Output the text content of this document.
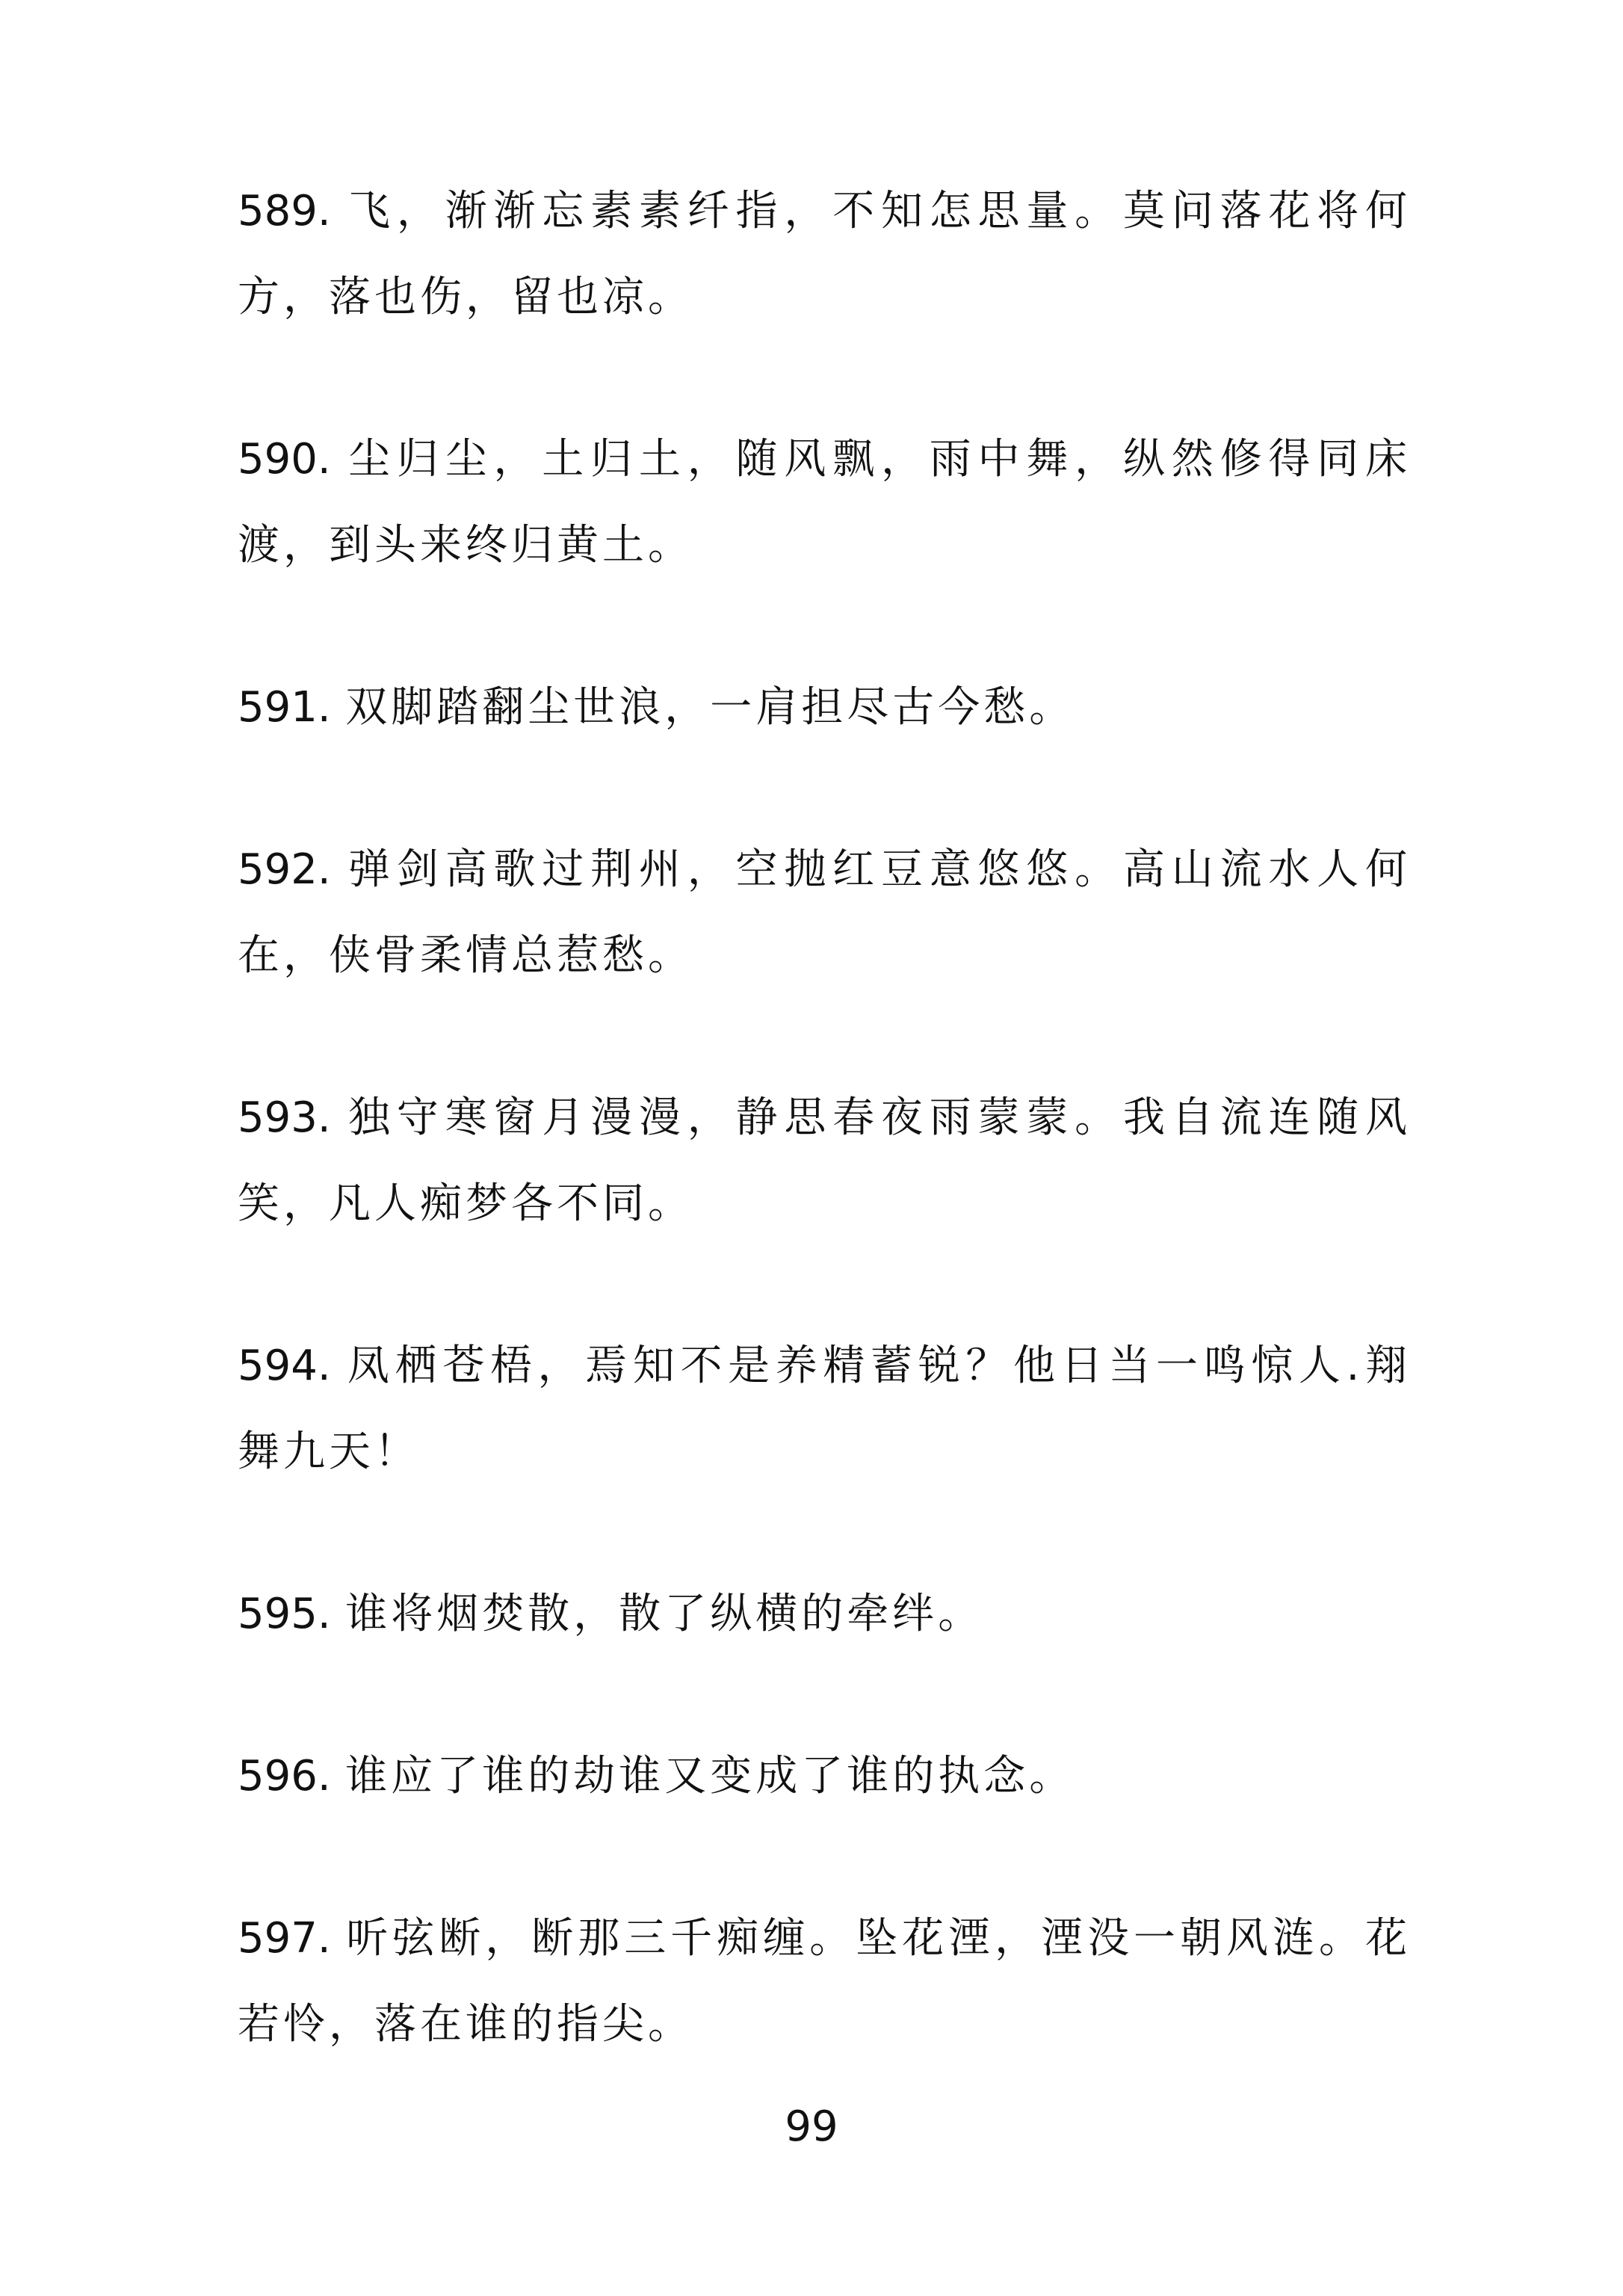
589. 飞，渐渐忘素素纤指，不知怎思量。莫问落花将何方，落也伤，留也凉。

590. 尘归尘，土归土，随风飘，雨中舞，纵然修得同床渡，到头来终归黄土。

591. 双脚踏翻尘世浪，一肩担尽古今愁。

592. 弹剑高歌过荆州，空抛红豆意悠悠。高山流水人何在，侠骨柔情总惹愁。

593. 独守寒窗月漫漫，静思春夜雨蒙蒙。我自流连随风笑，凡人痴梦各不同。

594. 凤栖苍梧，焉知不是养精蓄锐？他日当一鸣惊人.翔舞九天！

595. 谁将烟焚散，散了纵横的牵绊。

596. 谁应了谁的劫谁又变成了谁的执念。

597. 听弦断，断那三千痴缠。坠花湮，湮没一朝风涟。花若怜，落在谁的指尖。

99
